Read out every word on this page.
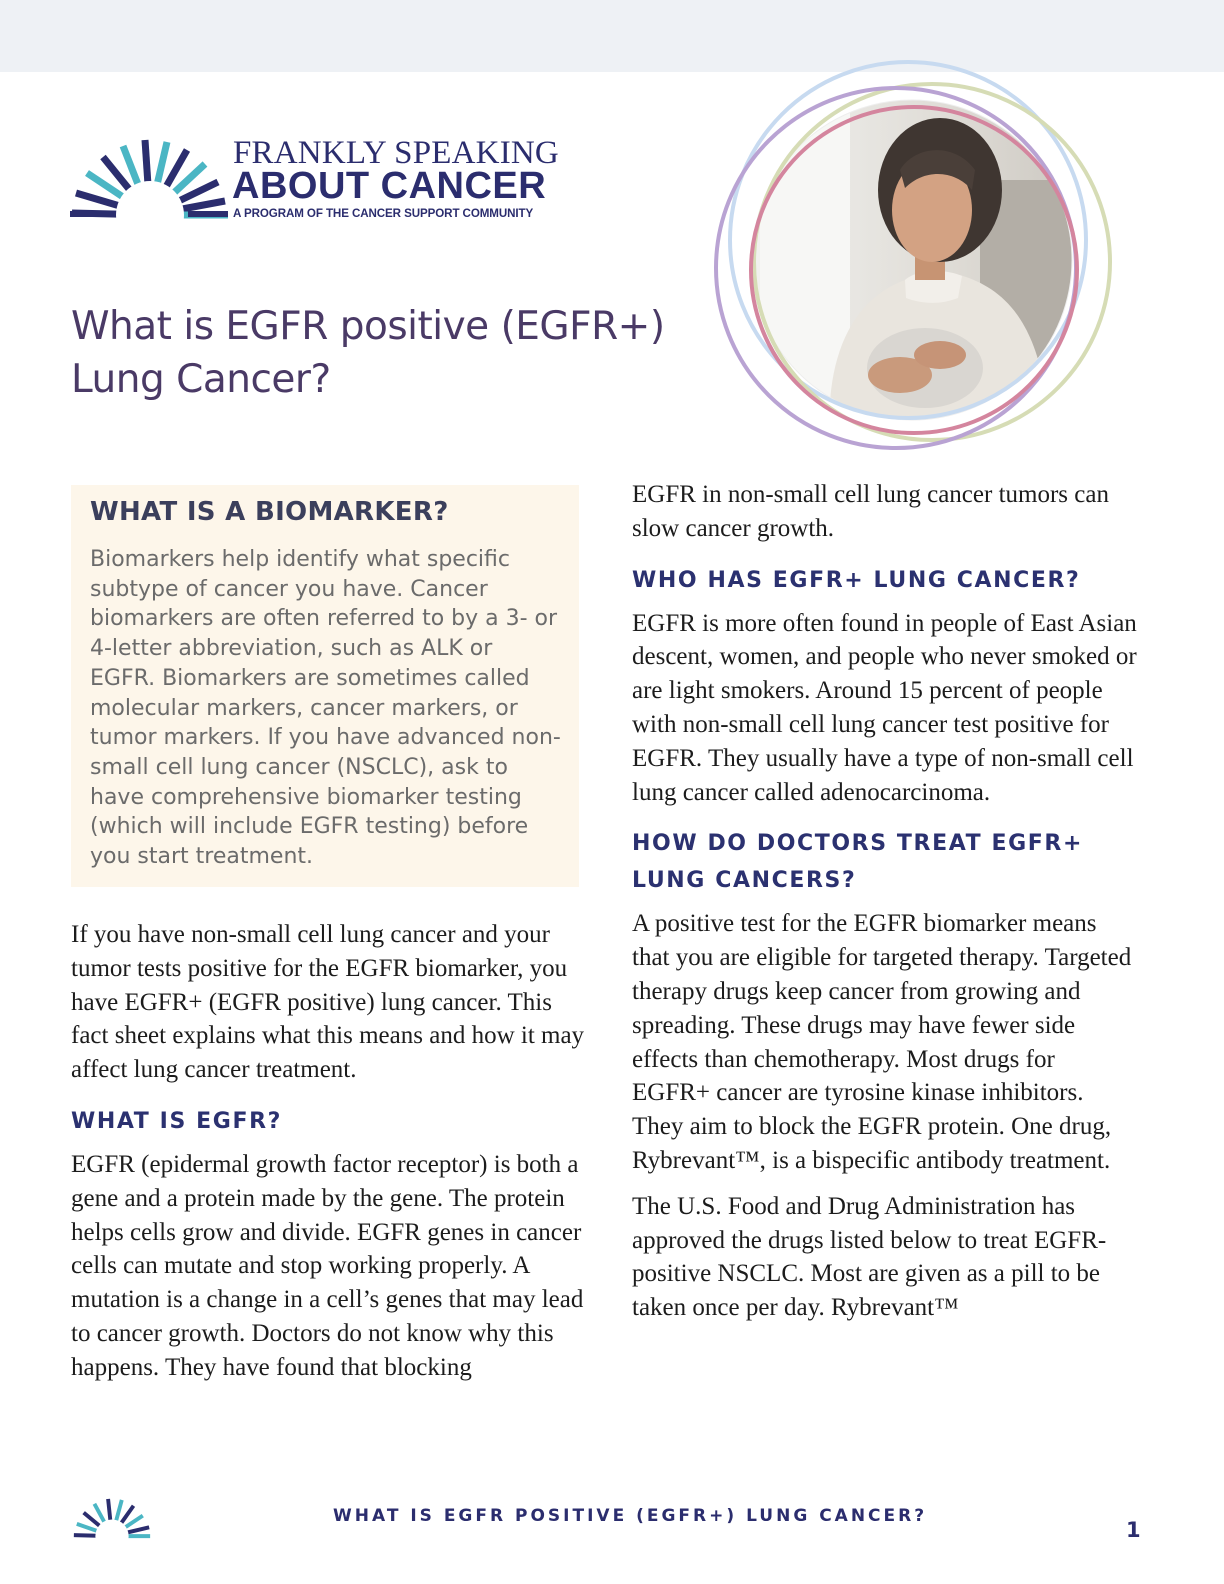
FRANKLY SPEAKING
ABOUT CANCER
A PROGRAM OF THE CANCER SUPPORT COMMUNITY
What is EGFR positive (EGFR+) Lung Cancer?
WHAT IS A BIOMARKER?

Biomarkers help identify what specific subtype of cancer you have. Cancer biomarkers are often referred to by a 3- or 4-letter abbreviation, such as ALK or EGFR. Biomarkers are sometimes called molecular markers, cancer markers, or tumor markers. If you have advanced non-small cell lung cancer (NSCLC), ask to have comprehensive biomarker testing (which will include EGFR testing) before you start treatment.

If you have non-small cell lung cancer and your tumor tests positive for the EGFR biomarker, you have EGFR+ (EGFR positive) lung cancer. This fact sheet explains what this means and how it may affect lung cancer treatment.

WHAT IS EGFR?

EGFR (epidermal growth factor receptor) is both a gene and a protein made by the gene. The protein helps cells grow and divide. EGFR genes in cancer cells can mutate and stop working properly. A mutation is a change in a cell’s genes that may lead to cancer growth. Doctors do not know why this happens. They have found that blocking

EGFR in non-small cell lung cancer tumors can slow cancer growth.

WHO HAS EGFR+ LUNG CANCER?

EGFR is more often found in people of East Asian descent, women, and people who never smoked or are light smokers. Around 15 percent of people with non-small cell lung cancer test positive for EGFR. They usually have a type of non-small cell lung cancer called adenocarcinoma.

HOW DO DOCTORS TREAT EGFR+ LUNG CANCERS?

A positive test for the EGFR biomarker means that you are eligible for targeted therapy. Targeted therapy drugs keep cancer from growing and spreading. These drugs may have fewer side effects than chemotherapy. Most drugs for EGFR+ cancer are tyrosine kinase inhibitors. They aim to block the EGFR protein. One drug, Rybrevant™, is a bispecific antibody treatment.

The U.S. Food and Drug Administration has approved the drugs listed below to treat EGFR-positive NSCLC. Most are given as a pill to be taken once per day. Rybrevant™

WHAT IS EGFR POSITIVE (EGFR+) LUNG CANCER?
1
